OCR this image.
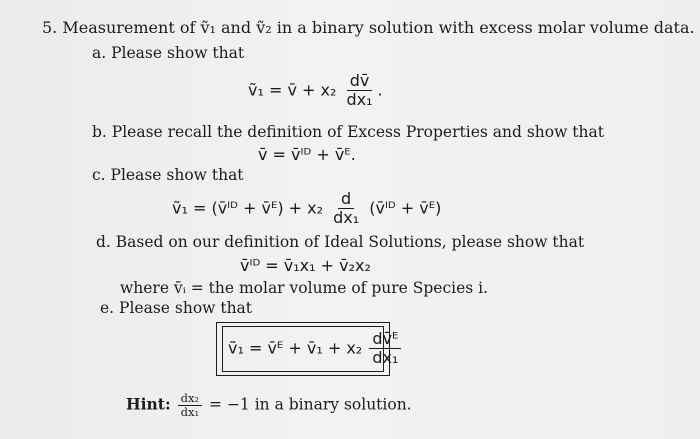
5. Measurement of ṽ₁ and ṽ₂ in a binary solution with excess molar volume data.
a. Please show that
ṽ₁ = v̄ + $x_2 \frac{dv̄}{\text{dx₁}}$ .
b. Please recall the definition of Excess Properties and show that
v̄ = v̄ᴵᴰ + v̄ᴱ.
c. Please show that
ṽ₁ = (v̄ᴵᴰ + v̄ᴱ) + $x_2 \frac{d}{\text{dx₁}}$ (v̄ᴵᴰ + v̄ᴱ)
d. Based on our definition of Ideal Solutions, please show that
v̄ᴵᴰ = v̄₁x₁ + v̄₂x₂
where v̄ᵢ = the molar volume of pure Species i.
e. Please show that
ṽ₁ = v̄ᴱ + v̄₁ + $x_2 \frac{\text{dv̄ᴱ}}{\text{dx₁}}$
Hint: $\frac{\text{dx₂}}{\text{dx₁}} = -1$ in a binary solution.
